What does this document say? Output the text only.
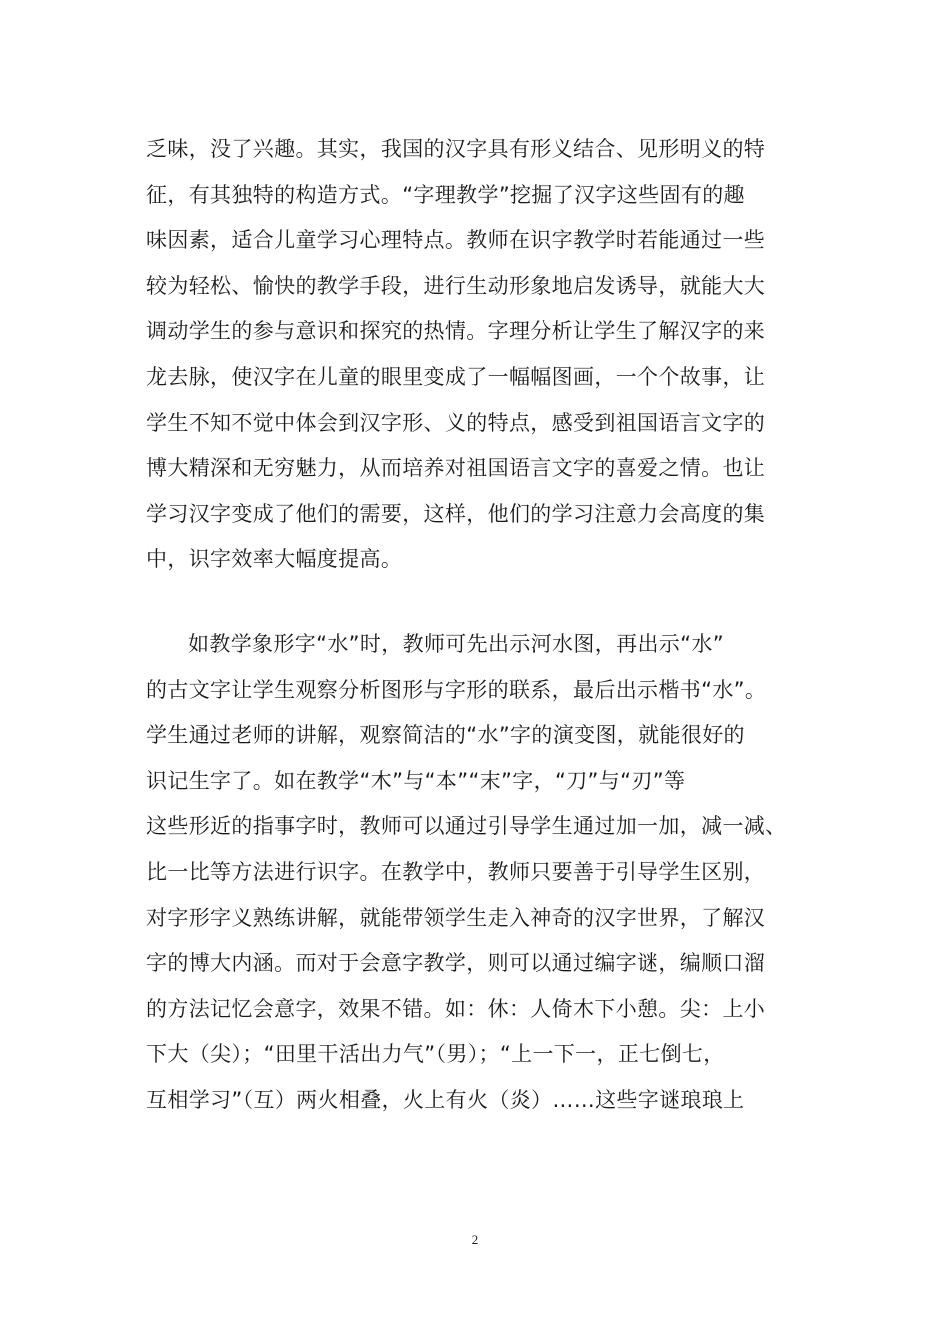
乏味，没了兴趣。其实，我国的汉字具有形义结合、见形明义的特
征，有其独特的构造方式。“字理教学”挖掘了汉字这些固有的趣
味因素，适合儿童学习心理特点。教师在识字教学时若能通过一些
较为轻松、愉快的教学手段，进行生动形象地启发诱导，就能大大
调动学生的参与意识和探究的热情。字理分析让学生了解汉字的来
龙去脉，使汉字在儿童的眼里变成了一幅幅图画，一个个故事，让
学生不知不觉中体会到汉字形、义的特点，感受到祖国语言文字的
博大精深和无穷魅力，从而培养对祖国语言文字的喜爱之情。也让
学习汉字变成了他们的需要，这样，他们的学习注意力会高度的集
中，识字效率大幅度提高。
如教学象形字“水”时，教师可先出示河水图，再出示“水”
的古文字让学生观察分析图形与字形的联系，最后出示楷书“水”。
学生通过老师的讲解，观察简洁的“水”字的演变图，就能很好的
识记生字了。如在教学“木”与“本”“末”字，“刀”与“刃”等
这些形近的指事字时，教师可以通过引导学生通过加一加，减一减、
比一比等方法进行识字。在教学中，教师只要善于引导学生区别，
对字形字义熟练讲解，就能带领学生走入神奇的汉字世界，了解汉
字的博大内涵。而对于会意字教学，则可以通过编字谜，编顺口溜
的方法记忆会意字，效果不错。如：休：人倚木下小憩。尖：上小
下大（尖）；“田里干活出力气”（男）；“上一下一，正七倒七，
互相学习”（互）两火相叠，火上有火（炎）……这些字谜琅琅上
2
